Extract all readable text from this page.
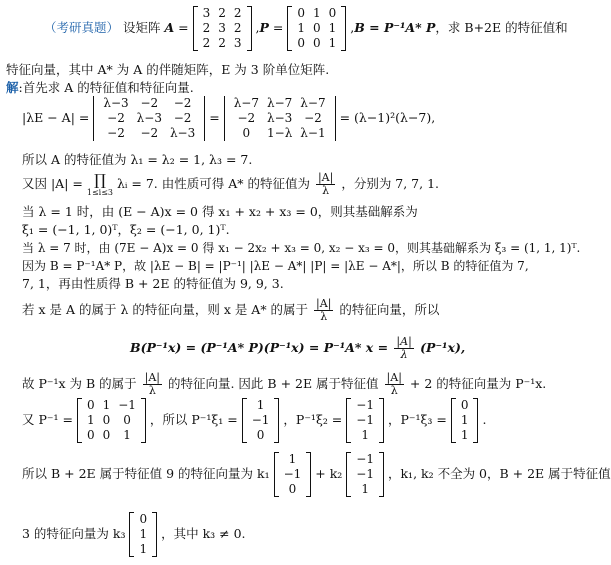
（考研真题） 设矩阵 A =
3	2	2
2	3	2
2	2	3
,P =
0	1	0
1	0	1
0	0	1
,B = P⁻¹A* P，求 B+2E 的特征值和
特征向量，其中 A* 为 A 的伴随矩阵，E 为 3 阶单位矩阵.
解:首先求 A 的特征值和特征向量.
|λE − A| =
λ−3	−2	−2
−2	λ−3	−2
−2	−2	λ−3
=
λ−7	λ−7	λ−7
−2	λ−3	−2
0	1−λ	λ−1
= (λ−1)²(λ−7),
所以 A 的特征值为 λ₁ = λ₂ = 1, λ₃ = 7.
又因 |A| = ∏
1≤i≤3
λᵢ = 7. 由性质可得 A* 的特征值为 $\frac{|A|}{\lambda}$ ，分别为 7, 7, 1.
当 λ = 1 时，由 (E − A)x = 0 得 x₁ + x₂ + x₃ = 0，则其基础解系为
ξ₁ = (−1, 1, 0)ᵀ，ξ₂ = (−1, 0, 1)ᵀ.
当 λ = 7 时，由 (7E − A)x = 0 得 x₁ − 2x₂ + x₃ = 0, x₂ − x₃ = 0，则其基础解系为 ξ₃ = (1, 1, 1)ᵀ.
因为 B = P⁻¹A* P，故 |λE − B| = |P⁻¹| |λE − A*| |P| = |λE − A*|，所以 B 的特征值为 7,
7, 1，再由性质得 B + 2E 的特征值为 9, 9, 3.
若 x 是 A 的属于 λ 的特征向量，则 x 是 A* 的属于 $\frac{|A|}{\lambda}$ 的特征向量，所以
B(P⁻¹x) = (P⁻¹A* P)(P⁻¹x) = P⁻¹A* $x = \frac{|A|}{\lambda} (P^{-1}x)$,
故 P⁻¹x 为 B 的属于 $\frac{|A|}{\lambda}$ 的特征向量. 因此 B + 2E 属于特征值 $\frac{|A|}{\lambda} + 2$ 的特征向量为 P⁻¹x.
又 P⁻¹ =
0	1	−1
1	0	0
0	0	1
，所以 P⁻¹ξ₁ =
1
−1
0
，P⁻¹ξ₂ =
−1
−1
1
，P⁻¹ξ₃ =
0
1
1
.
所以 B + 2E 属于特征值 9 的特征向量为 k₁
1
−1
0
+ k₂
−1
−1
1
，k₁, k₂ 不全为 0，B + 2E 属于特征值
3 的特征向量为 k₃
0
1
1
，其中 k₃ ≠ 0.
